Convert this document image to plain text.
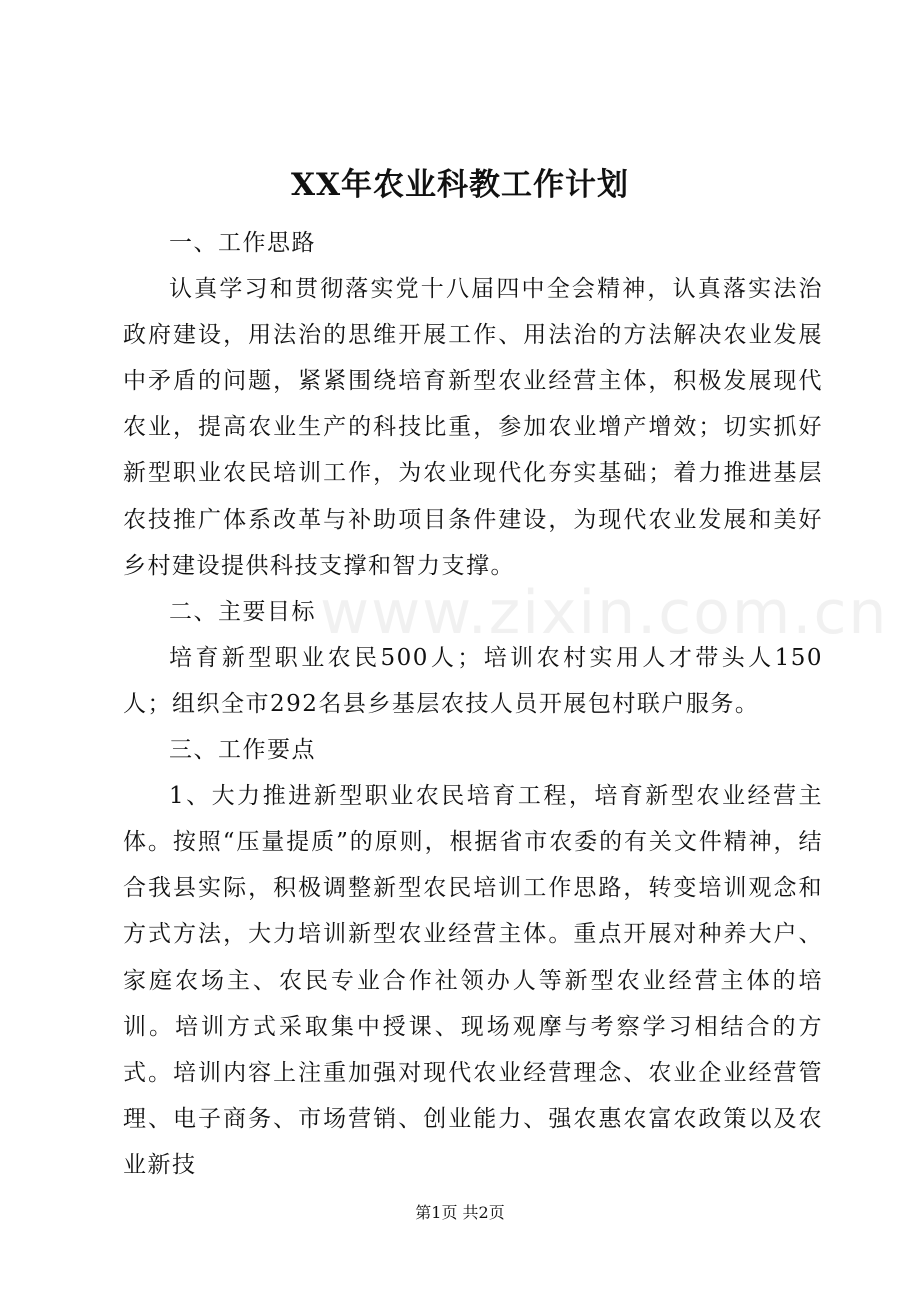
XX年农业科教工作计划

一、工作思路

认真学习和贯彻落实党十八届四中全会精神，认真落实法治政府建设，用法治的思维开展工作、用法治的方法解决农业发展中矛盾的问题，紧紧围绕培育新型农业经营主体，积极发展现代农业，提高农业生产的科技比重，参加农业增产增效；切实抓好新型职业农民培训工作，为农业现代化夯实基础；着力推进基层农技推广体系改革与补助项目条件建设，为现代农业发展和美好乡村建设提供科技支撑和智力支撑。

二、主要目标

培育新型职业农民500人；培训农村实用人才带头人150人；组织全市292名县乡基层农技人员开展包村联户服务。

三、工作要点

1、大力推进新型职业农民培育工程，培育新型农业经营主体。按照“压量提质”的原则，根据省市农委的有关文件精神，结合我县实际，积极调整新型农民培训工作思路，转变培训观念和方式方法，大力培训新型农业经营主体。重点开展对种养大户、家庭农场主、农民专业合作社领办人等新型农业经营主体的培训。培训方式采取集中授课、现场观摩与考察学习相结合的方式。培训内容上注重加强对现代农业经营理念、农业企业经营管理、电子商务、市场营销、创业能力、强农惠农富农政策以及农业新技

www.zixin.com.cn
第1页 共2页
